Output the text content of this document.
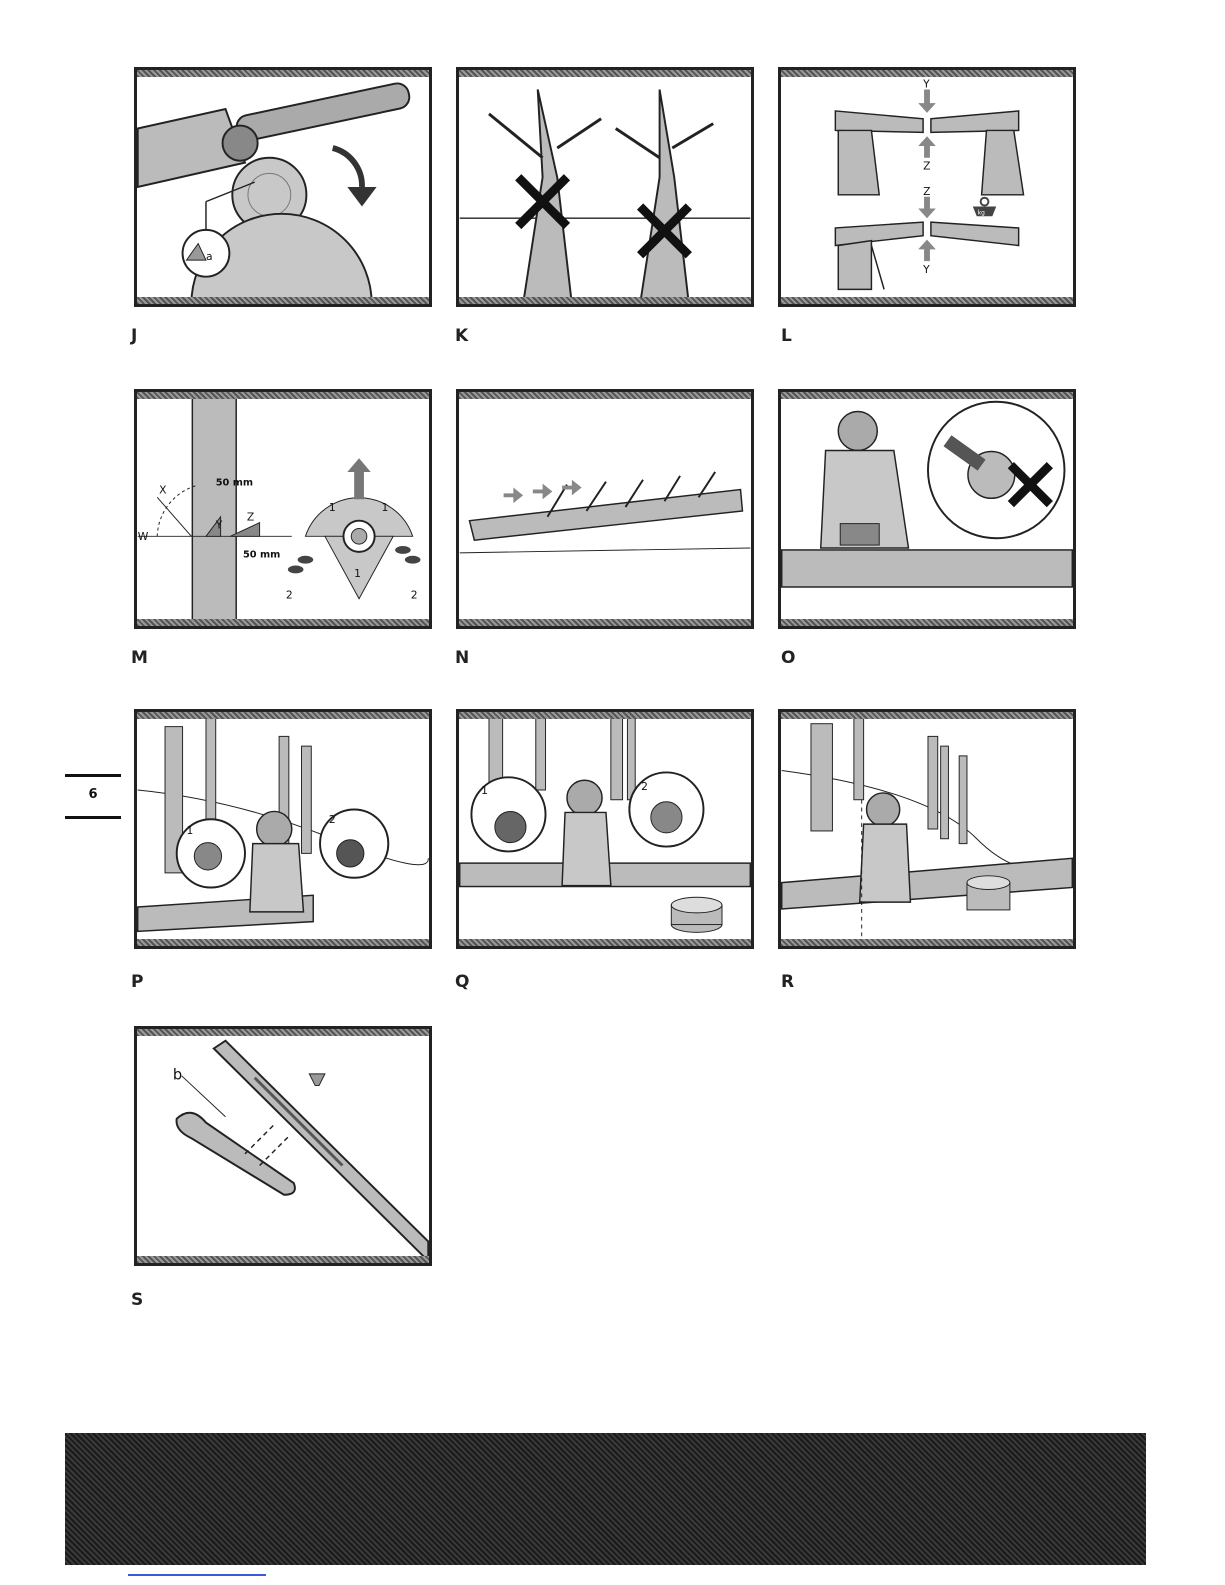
6
a
J	K
Y
Z
Z
Y
kg
L
X
W
Y
Z
50 mm
50 mm
1	1
1
2	2
M	N	O
1
2
P
1	2
Q	R
b
S
